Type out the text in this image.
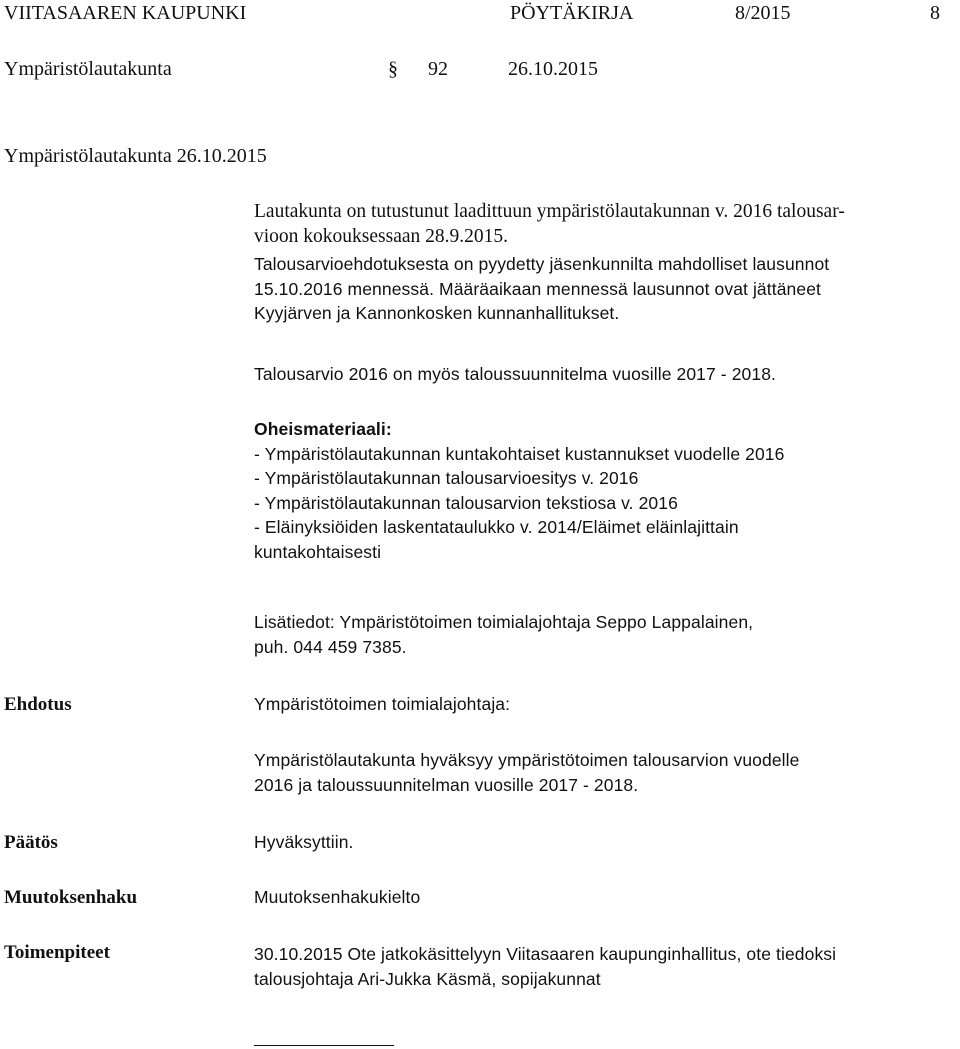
VIITASAAREN KAUPUNKI	PÖYTÄKIRJA	8/2015	8
Ympäristölautakunta	§ 92	26.10.2015
Ympäristölautakunta 26.10.2015
Lautakunta on tutustunut laadittuun ympäristölautakunnan v. 2016 talousar-
vioon kokouksessaan 28.9.2015.
Talousarvioehdotuksesta on pyydetty jäsenkunnilta mahdolliset lausunnot
15.10.2016 mennessä. Määräaikaan mennessä lausunnot ovat jättäneet
Kyyjärven ja Kannonkosken kunnanhallitukset.
Talousarvio 2016 on myös taloussuunnitelma vuosille 2017 - 2018.
Oheismateriaali:
- Ympäristölautakunnan kuntakohtaiset kustannukset vuodelle 2016
- Ympäristölautakunnan talousarvioesitys v. 2016
- Ympäristölautakunnan talousarvion tekstiosa v. 2016
- Eläinyksiöiden laskentataulukko v. 2014/Eläimet eläinlajittain
kuntakohtaisesti
Lisätiedot: Ympäristötoimen toimialajohtaja Seppo Lappalainen,
puh. 044 459 7385.
Ehdotus	Ympäristötoimen toimialajohtaja:
Ympäristölautakunta hyväksyy ympäristötoimen talousarvion vuodelle
2016 ja taloussuunnitelman vuosille 2017 - 2018.
Päätös	Hyväksyttiin.
Muutoksenhaku	Muutoksenhakukielto
Toimenpiteet	30.10.2015 Ote jatkokäsittelyyn Viitasaaren kaupunginhallitus, ote tiedoksi
talousjohtaja Ari-Jukka Käsmä, sopijakunnat
